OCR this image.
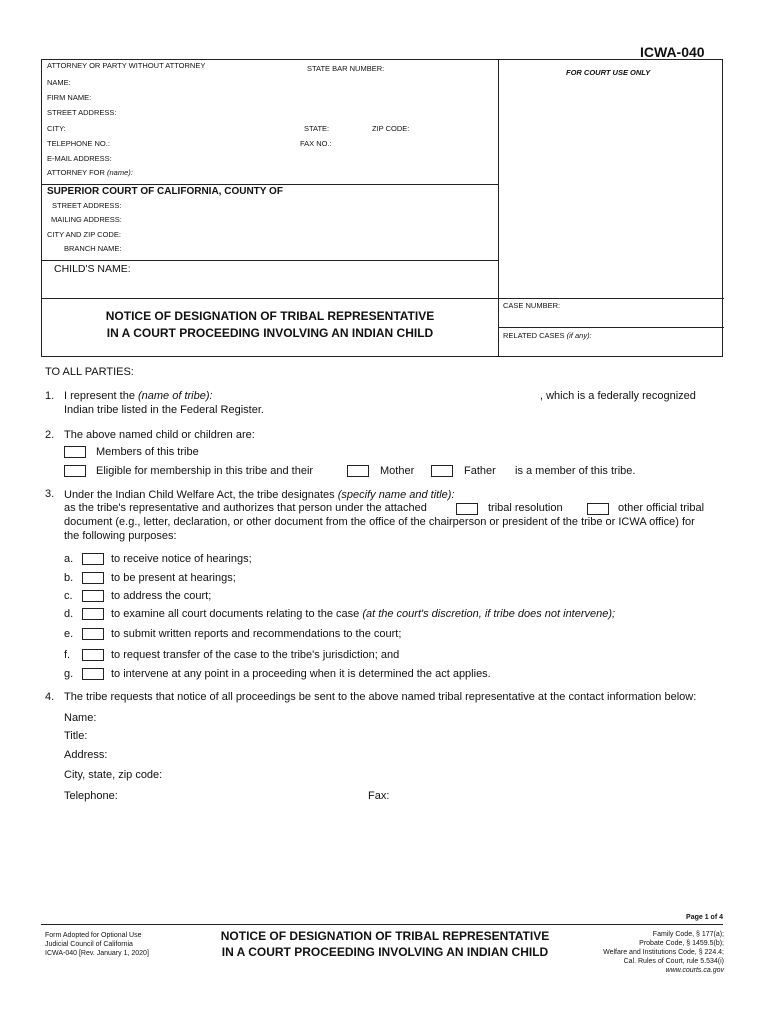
ICWA-040
ATTORNEY OR PARTY WITHOUT ATTORNEY	STATE BAR NUMBER:	FOR COURT USE ONLY
NAME:
FIRM NAME:
STREET ADDRESS:
CITY:	STATE:	ZIP CODE:
TELEPHONE NO.:	FAX NO.:
E-MAIL ADDRESS:
ATTORNEY FOR (name):
SUPERIOR COURT OF CALIFORNIA, COUNTY OF
STREET ADDRESS:
MAILING ADDRESS:
CITY AND ZIP CODE:
BRANCH NAME:
CHILD'S NAME:
NOTICE OF DESIGNATION OF TRIBAL REPRESENTATIVE
IN A COURT PROCEEDING INVOLVING AN INDIAN CHILD
CASE NUMBER:
RELATED CASES (if any):
TO ALL PARTIES:
1. I represent the (name of tribe):	, which is a federally recognized
Indian tribe listed in the Federal Register.
2. The above named child or children are:
Members of this tribe
Eligible for membership in this tribe and their	Mother	Father is a member of this tribe.
3. Under the Indian Child Welfare Act, the tribe designates (specify name and title):
as the tribe's representative and authorizes that person under the attached	tribal resolution	other official tribal
document (e.g., letter, declaration, or other document from the office of the chairperson or president of the tribe or ICWA office) for
the following purposes:
a.	to receive notice of hearings;
b.	to be present at hearings;
c.	to address the court;
d.	to examine all court documents relating to the case (at the court's discretion, if tribe does not intervene);
e.	to submit written reports and recommendations to the court;
f.	to request transfer of the case to the tribe's jurisdiction; and
g.	to intervene at any point in a proceeding when it is determined the act applies.
4. The tribe requests that notice of all proceedings be sent to the above named tribal representative at the contact information below:
Name:
Title:
Address:
City, state, zip code:
Telephone:	Fax:
Page 1 of 4
Form Adopted for Optional Use
Judicial Council of California
ICWA-040 [Rev. January 1, 2020]
NOTICE OF DESIGNATION OF TRIBAL REPRESENTATIVE
IN A COURT PROCEEDING INVOLVING AN INDIAN CHILD
Family Code, § 177(a);
Probate Code, § 1459.5(b);
Welfare and Institutions Code, § 224.4;
Cal. Rules of Court, rule 5.534(i)
www.courts.ca.gov
